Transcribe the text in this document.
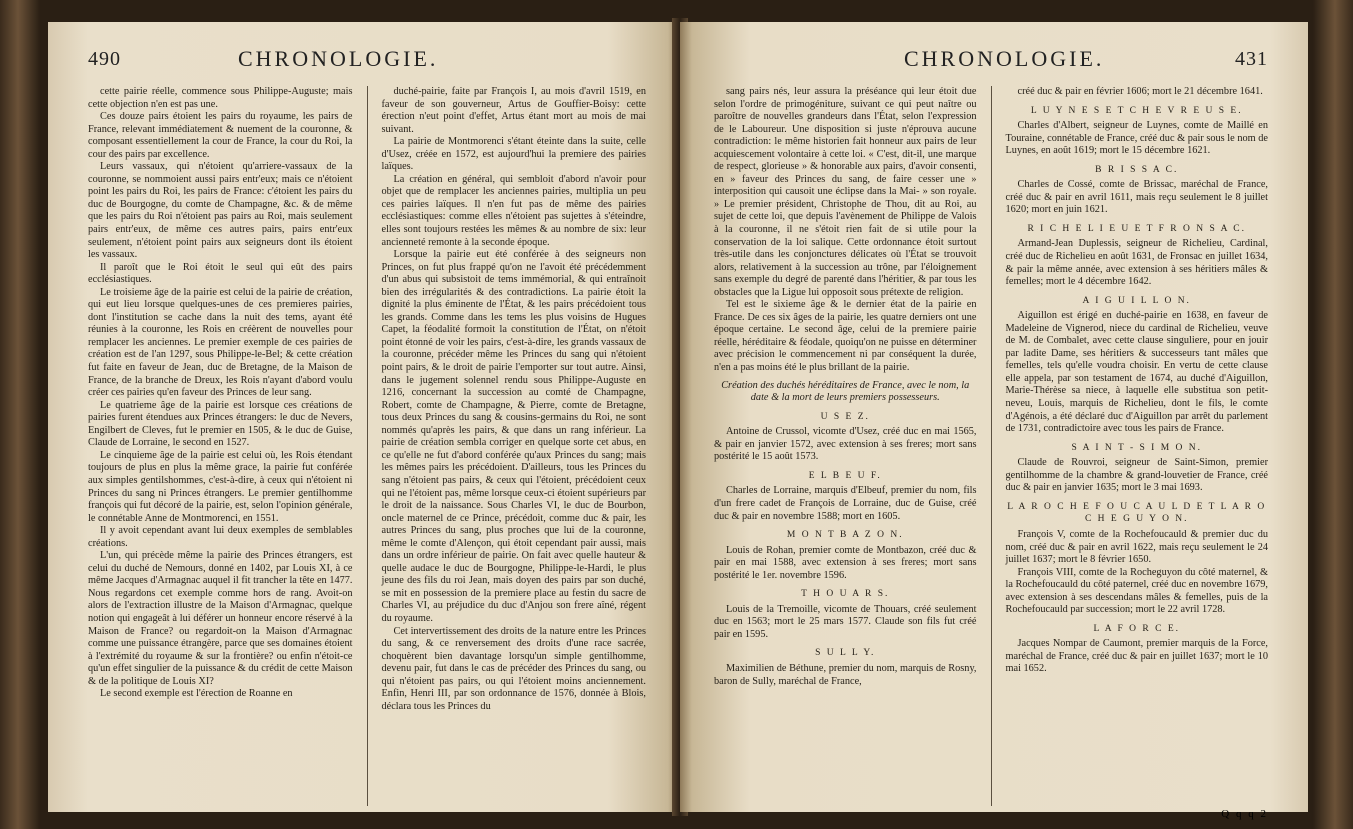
490	CHRONOLOGIE.

cette pairie réelle, commence sous Philippe-Auguste; mais cette objection n'en est pas une.

Ces douze pairs étoient les pairs du royaume, les pairs de France, relevant immédiatement & nuement de la couronne, & composant essentiellement la cour de France, la cour du Roi, la cour des pairs par excellence.

Leurs vassaux, qui n'étoient qu'arriere-vassaux de la couronne, se nommoient aussi pairs entr'eux; mais ce n'étoient point les pairs du Roi, les pairs de France: c'étoient les pairs du duc de Bourgogne, du comte de Champagne, &c. & de même que les pairs du Roi n'étoient pas pairs au Roi, mais seulement pairs entr'eux, de même ces autres pairs, pairs entr'eux seulement, n'étoient point pairs aux seigneurs dont ils étoient les vassaux.

Il paroît que le Roi étoit le seul qui eût des pairs ecclésiastiques.

Le troisieme âge de la pairie est celui de la pairie de création, qui eut lieu lorsque quelques-unes de ces premieres pairies, dont l'institution se cache dans la nuit des tems, ayant été réunies à la couronne, les Rois en créèrent de nouvelles pour remplacer les anciennes. Le premier exemple de ces pairies de création est de l'an 1297, sous Philippe-le-Bel; & cette création fut faite en faveur de Jean, duc de Bretagne, de la Maison de France, de la branche de Dreux, les Rois n'ayant d'abord voulu créer ces pairies qu'en faveur des Princes de leur sang.

Le quatrieme âge de la pairie est lorsque ces créations de pairies furent étendues aux Princes étrangers: le duc de Nevers, Engilbert de Cleves, fut le premier en 1505, & le duc de Guise, Claude de Lorraine, le second en 1527.

Le cinquieme âge de la pairie est celui où, les Rois étendant toujours de plus en plus la même grace, la pairie fut conférée aux simples gentilshommes, c'est-à-dire, à ceux qui n'étoient ni Princes du sang ni Princes étrangers. Le premier gentilhomme françois qui fut décoré de la pairie, est, selon l'opinion générale, le connétable Anne de Montmorenci, en 1551.

Il y avoit cependant avant lui deux exemples de semblables créations.

L'un, qui précède même la pairie des Princes étrangers, est celui du duché de Nemours, donné en 1402, par Louis XI, à ce même Jacques d'Armagnac auquel il fit trancher la tête en 1477. Nous regardons cet exemple comme hors de rang. Avoit-on alors de l'extraction illustre de la Maison d'Armagnac, quelque notion qui engageât à lui déférer un honneur encore réservé à la Maison de France? ou regardoit-on la Maison d'Armagnac comme une puissance étrangère, parce que ses domaines étoient à l'extrémité du royaume & sur la frontière? ou enfin n'étoit-ce qu'un effet singulier de la puissance & du crédit de cette Maison & de la politique de Louis XI?

Le second exemple est l'érection de Roanne en

duché-pairie, faite par François I, au mois d'avril 1519, en faveur de son gouverneur, Artus de Gouffier-Boisy: cette érection n'eut point d'effet, Artus étant mort au mois de mai suivant.

La pairie de Montmorenci s'étant éteinte dans la suite, celle d'Usez, créée en 1572, est aujourd'hui la premiere des pairies laïques.

La création en général, qui sembloit d'abord n'avoir pour objet que de remplacer les anciennes pairies, multiplia un peu ces pairies laïques. Il n'en fut pas de même des pairies ecclésiastiques: comme elles n'étoient pas sujettes à s'éteindre, elles sont toujours restées les mêmes & au nombre de six: leur ancienneté remonte à la seconde époque.

Lorsque la pairie eut été conférée à des seigneurs non Princes, on fut plus frappé qu'on ne l'avoit été précédemment d'un abus qui subsistoit de tems immémorial, & qui entraînoit bien des irrégularités & des contradictions. La pairie étoit la dignité la plus éminente de l'État, & les pairs précédoient tous les grands. Comme dans les tems les plus voisins de Hugues Capet, la féodalité formoit la constitution de l'État, on n'étoit point étonné de voir les pairs, c'est-à-dire, les grands vassaux de la couronne, précéder même les Princes du sang qui n'étoient point pairs, & le droit de pairie l'emporter sur tout autre. Ainsi, dans le jugement solennel rendu sous Philippe-Auguste en 1216, concernant la succession au comté de Champagne, Robert, comte de Champagne, & Pierre, comte de Bretagne, tous deux Princes du sang & cousins-germains du Roi, ne sont nommés qu'après les pairs, & que dans un rang inférieur. La pairie de création sembla corriger en quelque sorte cet abus, en ce qu'elle ne fut d'abord conférée qu'aux Princes du sang; mais les mêmes pairs les précédoient. D'ailleurs, tous les Princes du sang n'étoient pas pairs, & ceux qui l'étoient, précédoient ceux qui ne l'étoient pas, même lorsque ceux-ci étoient supérieurs par le droit de la naissance. Sous Charles VI, le duc de Bourbon, oncle maternel de ce Prince, précédoit, comme duc & pair, les autres Princes du sang, plus proches que lui de la couronne, même le comte d'Alençon, qui étoit cependant pair aussi, mais dans un ordre inférieur de pairie. On fait avec quelle hauteur & quelle audace le duc de Bourgogne, Philippe-le-Hardi, le plus jeune des fils du roi Jean, mais doyen des pairs par son duché, se mit en possession de la premiere place au festin du sacre de Charles VI, au préjudice du duc d'Anjou son frere aîné, régent du royaume.

Cet intervertissement des droits de la nature entre les Princes du sang, & ce renversement des droits d'une race sacrée, choquèrent bien davantage lorsqu'un simple gentilhomme, devenu pair, fut dans le cas de précéder des Princes du sang, ou qui n'étoient pas pairs, ou qui l'étoient moins anciennement. Enfin, Henri III, par son ordonnance de 1576, donnée à Blois, déclara tous les Princes du

CHRONOLOGIE.	431

sang pairs nés, leur assura la préséance qui leur étoit due selon l'ordre de primogéniture, suivant ce qui peut naître ou paroître de nouvelles grandeurs dans l'État, selon l'expression de le Laboureur. Une disposition si juste n'éprouva aucune contradiction: le même historien fait honneur aux pairs de leur acquiescement volontaire à cette loi. « C'est, dit-il, une marque de respect, glorieuse » & honorable aux pairs, d'avoir consenti, en » faveur des Princes du sang, de faire cesser une » interposition qui causoit une éclipse dans la Mai- » son royale. » Le premier président, Christophe de Thou, dit au Roi, au sujet de cette loi, que depuis l'avènement de Philippe de Valois à la couronne, il ne s'étoit rien fait de si utile pour la conservation de la loi salique. Cette ordonnance étoit surtout très-utile dans les conjonctures délicates où l'État se trouvoit alors, relativement à la succession au trône, par l'éloignement sans exemple du degré de parenté dans l'héritier, & par tous les obstacles que la Ligue lui opposoit sous prétexte de religion.

Tel est le sixieme âge & le dernier état de la pairie en France. De ces six âges de la pairie, les quatre derniers ont une époque certaine. Le second âge, celui de la premiere pairie réelle, héréditaire & féodale, quoiqu'on ne puisse en déterminer avec précision le commencement ni par conséquent la durée, n'en a pas moins été le plus brillant de la pairie.

Création des duchés héréditaires de France, avec le nom, la date & la mort de leurs premiers possesseurs.

U S E Z.

Antoine de Crussol, vicomte d'Usez, créé duc en mai 1565, & pair en janvier 1572, avec extension à ses freres; mort sans postérité le 15 août 1573.

E L B E U F.

Charles de Lorraine, marquis d'Elbeuf, premier du nom, fils d'un frere cadet de François de Lorraine, duc de Guise, créé duc & pair en novembre 1588; mort en 1605.

M O N T B A Z O N.

Louis de Rohan, premier comte de Montbazon, créé duc & pair en mai 1588, avec extension à ses freres; mort sans postérité le 1er. novembre 1596.

T H O U A R S.

Louis de la Tremoille, vicomte de Thouars, créé seulement duc en 1563; mort le 25 mars 1577. Claude son fils fut créé pair en 1595.

S U L L Y.

Maximilien de Béthune, premier du nom, marquis de Rosny, baron de Sully, maréchal de France,

créé duc & pair en février 1606; mort le 21 décembre 1641.

L U Y N E S E T C H E V R E U S E.

Charles d'Albert, seigneur de Luynes, comte de Maillé en Touraine, connétable de France, créé duc & pair sous le nom de Luynes, en août 1619; mort le 15 décembre 1621.

B R I S S A C.

Charles de Cossé, comte de Brissac, maréchal de France, créé duc & pair en avril 1611, mais reçu seulement le 8 juillet 1620; mort en juin 1621.

R I C H E L I E U E T F R O N S A C.

Armand-Jean Duplessis, seigneur de Richelieu, Cardinal, créé duc de Richelieu en août 1631, de Fronsac en juillet 1634, & pair la même année, avec extension à ses héritiers mâles & femelles; mort le 4 décembre 1642.

A I G U I L L O N.

Aiguillon est érigé en duché-pairie en 1638, en faveur de Madeleine de Vignerod, niece du cardinal de Richelieu, veuve de M. de Combalet, avec cette clause singuliere, pour en jouir par ladite Dame, ses héritiers & successeurs tant mâles que femelles, tels qu'elle voudra choisir. En vertu de cette clause elle appela, par son testament de 1674, au duché d'Aiguillon, Marie-Thérèse sa niece, à laquelle elle substitua son petit-neveu, Louis, marquis de Richelieu, dont le fils, le comte d'Agénois, a été déclaré duc d'Aiguillon par arrêt du parlement de 1731, contradictoire avec tous les pairs de France.

S A I N T - S I M O N.

Claude de Rouvroi, seigneur de Saint-Simon, premier gentilhomme de la chambre & grand-louvetier de France, créé duc & pair en janvier 1635; mort le 3 mai 1693.

L A R O C H E F O U C A U L D E T L A R O C H E G U Y O N.

François V, comte de la Rochefoucauld & premier duc du nom, créé duc & pair en avril 1622, mais reçu seulement le 24 juillet 1637; mort le 8 février 1650.

François VIII, comte de la Rocheguyon du côté maternel, & la Rochefoucauld du côté paternel, créé duc en novembre 1679, avec extension à ses descendans mâles & femelles, puis de la Rochefoucauld par succession; mort le 22 avril 1728.

L A F O R C E.

Jacques Nompar de Caumont, premier marquis de la Force, maréchal de France, créé duc & pair en juillet 1637; mort le 10 mai 1652.

Q q q 2
